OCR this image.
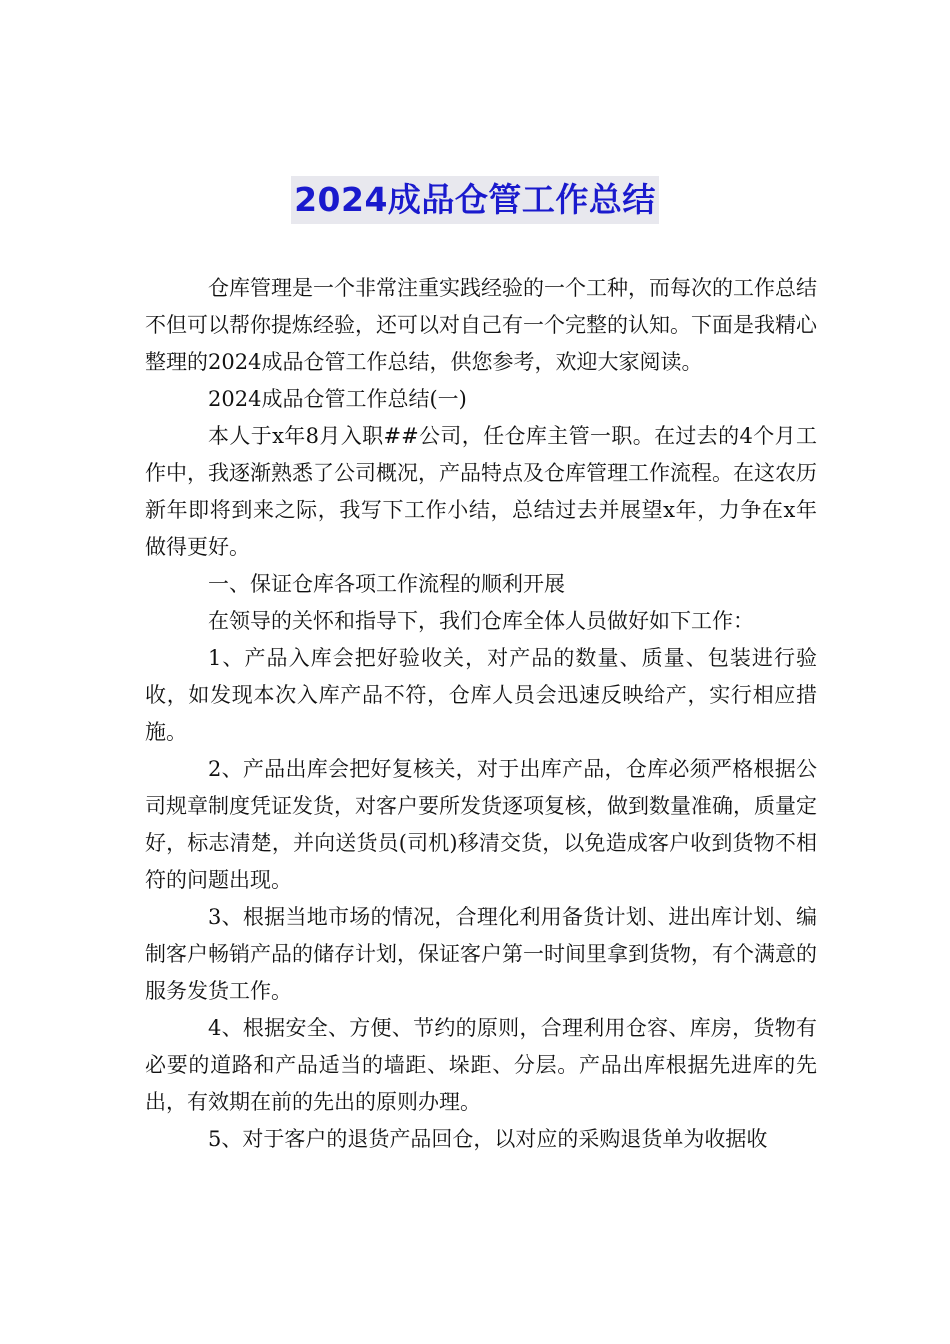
2024成品仓管工作总结

仓库管理是一个非常注重实践经验的一个工种，而每次的工作总结不但可以帮你提炼经验，还可以对自己有一个完整的认知。下面是我精心整理的2024成品仓管工作总结，供您参考，欢迎大家阅读。

2024成品仓管工作总结(一)

本人于x年8月入职##公司，任仓库主管一职。在过去的4个月工作中，我逐渐熟悉了公司概况，产品特点及仓库管理工作流程。在这农历新年即将到来之际，我写下工作小结，总结过去并展望x年，力争在x年做得更好。

一、保证仓库各项工作流程的顺利开展

在领导的关怀和指导下，我们仓库全体人员做好如下工作：

1、产品入库会把好验收关，对产品的数量、质量、包装进行验收，如发现本次入库产品不符，仓库人员会迅速反映给产，实行相应措施。

2、产品出库会把好复核关，对于出库产品，仓库必须严格根据公司规章制度凭证发货，对客户要所发货逐项复核，做到数量准确，质量定好，标志清楚，并向送货员(司机)移清交货，以免造成客户收到货物不相符的问题出现。

3、根据当地市场的情况，合理化利用备货计划、进出库计划、编制客户畅销产品的储存计划，保证客户第一时间里拿到货物，有个满意的服务发货工作。

4、根据安全、方便、节约的原则，合理利用仓容、库房，货物有必要的道路和产品适当的墙距、垛距、分层。产品出库根据先进库的先出，有效期在前的先出的原则办理。

5、对于客户的退货产品回仓，以对应的采购退货单为收据收
